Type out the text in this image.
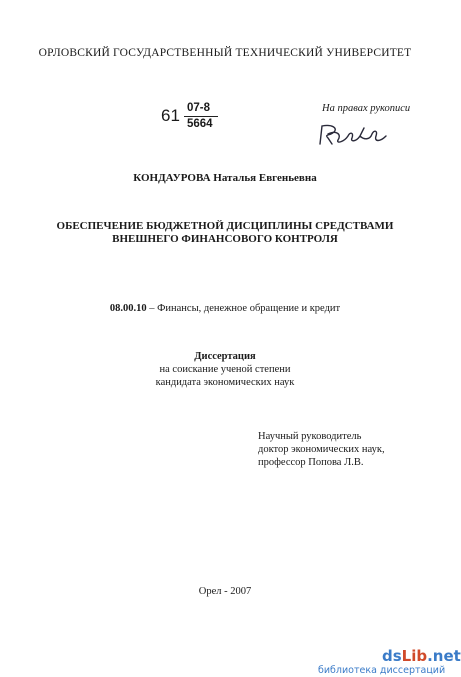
ОРЛОВСКИЙ ГОСУДАРСТВЕННЫЙ ТЕХНИЧЕСКИЙ УНИВЕРСИТЕТ
61 07-8
5664
На правах рукописи
КОНДАУРОВА Наталья Евгеньевна
ОБЕСПЕЧЕНИЕ БЮДЖЕТНОЙ ДИСЦИПЛИНЫ СРЕДСТВАМИ
ВНЕШНЕГО ФИНАНСОВОГО КОНТРОЛЯ
08.00.10 – Финансы, денежное обращение и кредит
Диссертация
на соискание ученой степени
кандидата экономических наук
Научный руководитель
доктор экономических наук,
профессор Попова Л.В.
Орел - 2007
dsLib.net
библиотека диссертаций
